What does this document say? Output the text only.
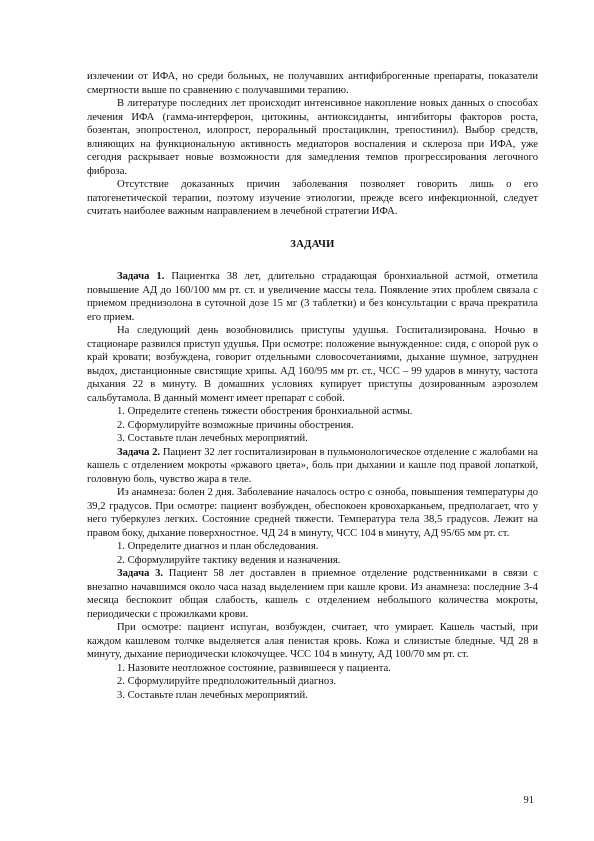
излечении от ИФА, но среди больных, не получавших антифиброгенные препараты, показатели смертности выше по сравнению с получавшими терапию.

В литературе последних лет происходит интенсивное накопление новых данных о способах лечения ИФА (гамма-интерферон, цитокины, антиоксиданты, ингибиторы факторов роста, бозентан, эпопростенол, илопрост, пероральный простациклин, трепостинил). Выбор средств, влияющих на функциональную активность медиаторов воспаления и склероза при ИФА, уже сегодня раскрывает новые возможности для замедления темпов прогрессирования легочного фиброза.

Отсутствие доказанных причин заболевания позволяет говорить лишь о его патогенетической терапии, поэтому изучение этиологии, прежде всего инфекционной, следует считать наиболее важным направлением в лечебной стратегии ИФА.

ЗАДАЧИ

Задача 1. Пациентка 38 лет, длительно страдающая бронхиальной астмой, отметила повышение АД до 160/100 мм рт. ст. и увеличение массы тела. Появление этих проблем связала с приемом преднизолона в суточной дозе 15 мг (3 таблетки) и без консультации с врача прекратила его прием.

На следующий день возобновились приступы удушья. Госпитализирована. Ночью в стационаре развился приступ удушья. При осмотре: положение вынужденное: сидя, с опорой рук о край кровати; возбуждена, говорит отдельными словосочетаниями, дыхание шумное, затруднен выдох, дистанционные свистящие хрипы. АД 160/95 мм рт. ст., ЧСС – 99 ударов в минуту, частота дыхания 22 в минуту. В домашних условиях купирует приступы дозированным аэрозолем сальбутамола. В данный момент имеет препарат с собой.

1. Определите степень тяжести обострения бронхиальной астмы.

2. Сформулируйте возможные причины обострения.

3. Составьте план лечебных мероприятий.

Задача 2. Пациент 32 лет госпитализирован в пульмонологическое отделение с жалобами на кашель с отделением мокроты «ржавого цвета», боль при дыхании и кашле под правой лопаткой, головную боль, чувство жара в теле.

Из анамнеза: болен 2 дня. Заболевание началось остро с озноба, повышения температуры до 39,2 градусов. При осмотре: пациент возбужден, обеспокоен кровохарканьем, предполагает, что у него туберкулез легких. Состояние средней тяжести. Температура тела 38,5 градусов. Лежит на правом боку, дыхание поверхностное. ЧД 24 в минуту, ЧСС 104 в минуту, АД 95/65 мм рт. ст.

1. Определите диагноз и план обследования.

2. Сформулируйте тактику ведения и назначения.

Задача 3. Пациент 58 лет доставлен в приемное отделение родственниками в связи с внезапно начавшимся около часа назад выделением при кашле крови. Из анамнеза: последние 3-4 месяца беспокоит общая слабость, кашель с отделением небольшого количества мокроты, периодически с прожилками крови.

При осмотре: пациент испуган, возбужден, считает, что умирает. Кашель частый, при каждом кашлевом толчке выделяется алая пенистая кровь. Кожа и слизистые бледные. ЧД 28 в минуту, дыхание периодически клокочущее. ЧСС 104 в минуту, АД 100/70 мм рт. ст.

1. Назовите неотложное состояние, развившееся у пациента.

2. Сформулируйте предположительный диагноз.

3. Составьте план лечебных мероприятий.

91
